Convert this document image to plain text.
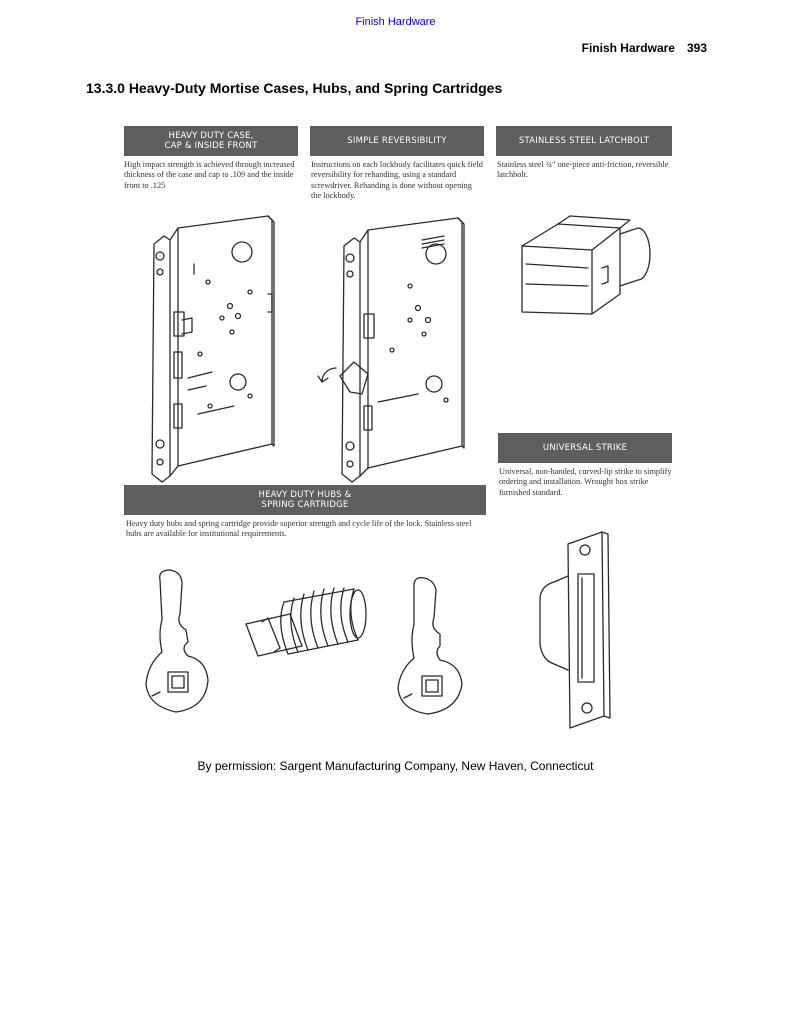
Finish Hardware
Finish Hardware 393
13.3.0 Heavy-Duty Mortise Cases, Hubs, and Spring Cartridges
HEAVY DUTY CASE,
CAP & INSIDE FRONT
High impact strength is achieved through increased thickness of the case and cap to .109 and the inside front to .125
SIMPLE REVERSIBILITY
Instructions on each lockbody facilitates quick field reversibility for rehanding, using a standard screwdriver. Rehanding is done without opening the lockbody.
STAINLESS STEEL LATCHBOLT
Stainless steel ¾" one-piece anti-friction, reversible latchbolt.
HEAVY DUTY HUBS &
SPRING CARTRIDGE
Heavy duty hubs and spring cartridge provide superior strength and cycle life of the lock. Stainless steel hubs are available for institutional requirements.
UNIVERSAL STRIKE
Universal, non-handed, curved-lip strike to simplify ordering and installation. Wrought box strike furnished standard.
By permission: Sargent Manufacturing Company, New Haven, Connecticut
